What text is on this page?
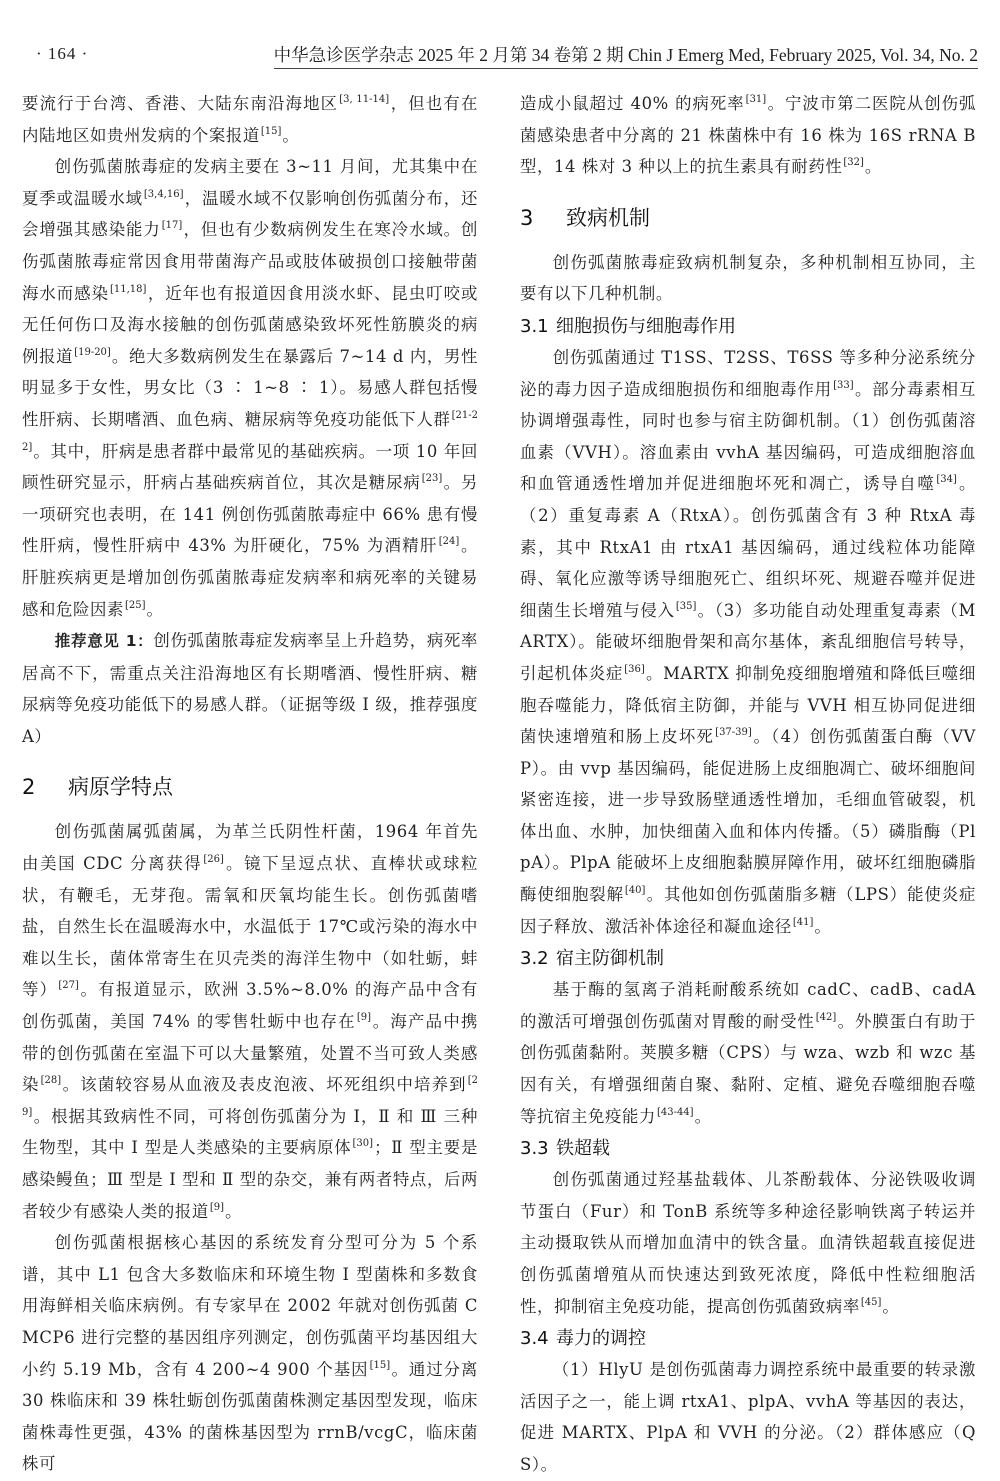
· 164 ·	中华急诊医学杂志 2025 年 2 月第 34 卷第 2 期 Chin J Emerg Med, February 2025, Vol. 34, No. 2

要流行于台湾、香港、大陆东南沿海地区[3, 11-14]，但也有在内陆地区如贵州发病的个案报道[15]。

创伤弧菌脓毒症的发病主要在 3~11 月间，尤其集中在夏季或温暖水域[3,4,16]，温暖水域不仅影响创伤弧菌分布，还会增强其感染能力[17]，但也有少数病例发生在寒冷水域。创伤弧菌脓毒症常因食用带菌海产品或肢体破损创口接触带菌海水而感染[11,18]，近年也有报道因食用淡水虾、昆虫叮咬或无任何伤口及海水接触的创伤弧菌感染致坏死性筋膜炎的病例报道[19-20]。绝大多数病例发生在暴露后 7~14 d 内，男性明显多于女性，男女比（3 ∶ 1~8 ∶ 1）。易感人群包括慢性肝病、长期嗜酒、血色病、糖尿病等免疫功能低下人群[21-22]。其中，肝病是患者群中最常见的基础疾病。一项 10 年回顾性研究显示，肝病占基础疾病首位，其次是糖尿病[23]。另一项研究也表明，在 141 例创伤弧菌脓毒症中 66% 患有慢性肝病，慢性肝病中 43% 为肝硬化，75% 为酒精肝[24]。肝脏疾病更是增加创伤弧菌脓毒症发病率和病死率的关键易感和危险因素[25]。

推荐意见 1：创伤弧菌脓毒症发病率呈上升趋势，病死率居高不下，需重点关注沿海地区有长期嗜酒、慢性肝病、糖尿病等免疫功能低下的易感人群。（证据等级 I 级，推荐强度 A）

2 病原学特点

创伤弧菌属弧菌属，为革兰氏阴性杆菌，1964 年首先由美国 CDC 分离获得[26]。镜下呈逗点状、直棒状或球粒状，有鞭毛，无芽孢。需氧和厌氧均能生长。创伤弧菌嗜盐，自然生长在温暖海水中，水温低于 17℃或污染的海水中难以生长，菌体常寄生在贝壳类的海洋生物中（如牡蛎，蚌等）[27]。有报道显示，欧洲 3.5%~8.0% 的海产品中含有创伤弧菌，美国 74% 的零售牡蛎中也存在[9]。海产品中携带的创伤弧菌在室温下可以大量繁殖，处置不当可致人类感染[28]。该菌较容易从血液及表皮泡液、坏死组织中培养到[29]。根据其致病性不同，可将创伤弧菌分为 Ⅰ，Ⅱ 和 Ⅲ 三种生物型，其中 Ⅰ 型是人类感染的主要病原体[30]；Ⅱ 型主要是感染鳗鱼；Ⅲ 型是 Ⅰ 型和 Ⅱ 型的杂交，兼有两者特点，后两者较少有感染人类的报道[9]。

创伤弧菌根据核心基因的系统发育分型可分为 5 个系谱，其中 L1 包含大多数临床和环境生物 Ⅰ 型菌株和多数食用海鲜相关临床病例。有专家早在 2002 年就对创伤弧菌 CMCP6 进行完整的基因组序列测定，创伤弧菌平均基因组大小约 5.19 Mb，含有 4 200~4 900 个基因[15]。通过分离 30 株临床和 39 株牡蛎创伤弧菌菌株测定基因型发现，临床菌株毒性更强，43% 的菌株基因型为 rrnB/vcgC，临床菌株可

造成小鼠超过 40% 的病死率[31]。宁波市第二医院从创伤弧菌感染患者中分离的 21 株菌株中有 16 株为 16S rRNA B 型，14 株对 3 种以上的抗生素具有耐药性[32]。

3 致病机制

创伤弧菌脓毒症致病机制复杂，多种机制相互协同，主要有以下几种机制。

3.1 细胞损伤与细胞毒作用

创伤弧菌通过 T1SS、T2SS、T6SS 等多种分泌系统分泌的毒力因子造成细胞损伤和细胞毒作用[33]。部分毒素相互协调增强毒性，同时也参与宿主防御机制。（1）创伤弧菌溶血素（VVH）。溶血素由 vvhA 基因编码，可造成细胞溶血和血管通透性增加并促进细胞坏死和凋亡，诱导自噬[34]。（2）重复毒素 A（RtxA）。创伤弧菌含有 3 种 RtxA 毒素，其中 RtxA1 由 rtxA1 基因编码，通过线粒体功能障碍、氧化应激等诱导细胞死亡、组织坏死、规避吞噬并促进细菌生长增殖与侵入[35]。（3）多功能自动处理重复毒素（MARTX）。能破坏细胞骨架和高尔基体，紊乱细胞信号转导，引起机体炎症[36]。MARTX 抑制免疫细胞增殖和降低巨噬细胞吞噬能力，降低宿主防御，并能与 VVH 相互协同促进细菌快速增殖和肠上皮坏死[37-39]。（4）创伤弧菌蛋白酶（VVP）。由 vvp 基因编码，能促进肠上皮细胞凋亡、破坏细胞间紧密连接，进一步导致肠壁通透性增加，毛细血管破裂，机体出血、水肿，加快细菌入血和体内传播。（5）磷脂酶（PlpA）。PlpA 能破坏上皮细胞黏膜屏障作用，破坏红细胞磷脂酶使细胞裂解[40]。其他如创伤弧菌脂多糖（LPS）能使炎症因子释放、激活补体途径和凝血途径[41]。

3.2 宿主防御机制

基于酶的氢离子消耗耐酸系统如 cadC、cadB、cadA 的激活可增强创伤弧菌对胃酸的耐受性[42]。外膜蛋白有助于创伤弧菌黏附。荚膜多糖（CPS）与 wza、wzb 和 wzc 基因有关，有增强细菌自聚、黏附、定植、避免吞噬细胞吞噬等抗宿主免疫能力[43-44]。

3.3 铁超载

创伤弧菌通过羟基盐载体、儿茶酚载体、分泌铁吸收调节蛋白（Fur）和 TonB 系统等多种途径影响铁离子转运并主动摄取铁从而增加血清中的铁含量。血清铁超载直接促进创伤弧菌增殖从而快速达到致死浓度，降低中性粒细胞活性，抑制宿主免疫功能，提高创伤弧菌致病率[45]。

3.4 毒力的调控

（1）HlyU 是创伤弧菌毒力调控系统中最重要的转录激活因子之一，能上调 rtxA1、plpA、vvhA 等基因的表达，促进 MARTX、PlpA 和 VVH 的分泌。（2）群体感应（QS）。
